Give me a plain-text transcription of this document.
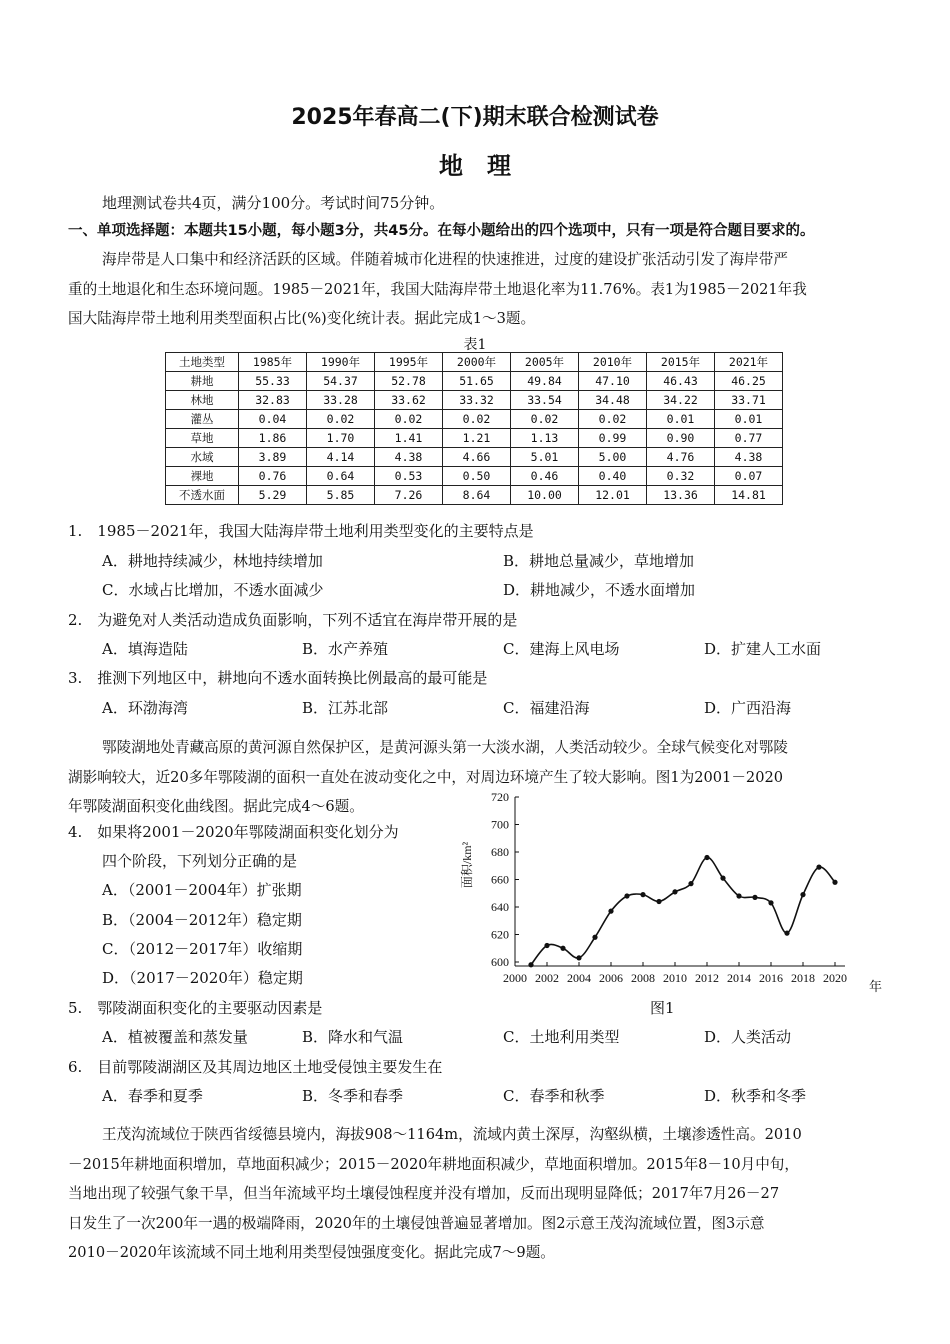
2025年春高二(下)期末联合检测试卷
地理
地理测试卷共4页，满分100分。考试时间75分钟。
一、单项选择题：本题共15小题，每小题3分，共45分。在每小题给出的四个选项中，只有一项是符合题目要求的。
海岸带是人口集中和经济活跃的区域。伴随着城市化进程的快速推进，过度的建设扩张活动引发了海岸带严
重的土地退化和生态环境问题。1985－2021年，我国大陆海岸带土地退化率为11.76%。表1为1985－2021年我
国大陆海岸带土地利用类型面积占比(%)变化统计表。据此完成1～3题。
表1
土地类型	1985年	1990年	1995年	2000年	2005年	2010年	2015年	2021年
耕地	55.33	54.37	52.78	51.65	49.84	47.10	46.43	46.25
林地	32.83	33.28	33.62	33.32	33.54	34.48	34.22	33.71
灌丛	0.04	0.02	0.02	0.02	0.02	0.02	0.01	0.01
草地	1.86	1.70	1.41	1.21	1.13	0.99	0.90	0.77
水域	3.89	4.14	4.38	4.66	5.01	5.00	4.76	4.38
裸地	0.76	0.64	0.53	0.50	0.46	0.40	0.32	0.07
不透水面	5.29	5.85	7.26	8.64	10.00	12.01	13.36	14.81
1.　1985－2021年，我国大陆海岸带土地利用类型变化的主要特点是
A．耕地持续减少，林地持续增加	B．耕地总量减少，草地增加
C．水域占比增加，不透水面减少	D．耕地减少，不透水面增加
2.　为避免对人类活动造成负面影响，下列不适宜在海岸带开展的是
A．填海造陆	B．水产养殖	C．建海上风电场	D．扩建人工水面
3.　推测下列地区中，耕地向不透水面转换比例最高的最可能是
A．环渤海湾	B．江苏北部	C．福建沿海	D．广西沿海
鄂陵湖地处青藏高原的黄河源自然保护区，是黄河源头第一大淡水湖，人类活动较少。全球气候变化对鄂陵
湖影响较大，近20多年鄂陵湖的面积一直处在波动变化之中，对周边环境产生了较大影响。图1为2001－2020
年鄂陵湖面积变化曲线图。据此完成4～6题。
4.　如果将2001－2020年鄂陵湖面积变化划分为
四个阶段，下列划分正确的是
A．（2001－2004年）扩张期
B．（2004－2012年）稳定期
C．（2012－2017年）收缩期
D．（2017－2020年）稳定期
600
620
640
660
680
700
720
2000 2002 2004 2006 2008 2010 2012 2014 2016 2018 2020
面积/km²
年
图1
5.　鄂陵湖面积变化的主要驱动因素是
A．植被覆盖和蒸发量	B．降水和气温	C．土地利用类型	D．人类活动
6.　目前鄂陵湖湖区及其周边地区土地受侵蚀主要发生在
A．春季和夏季	B．冬季和春季	C．春季和秋季	D．秋季和冬季
王茂沟流域位于陕西省绥德县境内，海拔908～1164m，流域内黄土深厚，沟壑纵横，土壤渗透性高。2010
－2015年耕地面积增加，草地面积减少；2015－2020年耕地面积减少，草地面积增加。2015年8－10月中旬，
当地出现了较强气象干旱，但当年流域平均土壤侵蚀程度并没有增加，反而出现明显降低；2017年7月26－27
日发生了一次200年一遇的极端降雨，2020年的土壤侵蚀普遍显著增加。图2示意王茂沟流域位置，图3示意
2010－2020年该流域不同土地利用类型侵蚀强度变化。据此完成7～9题。
